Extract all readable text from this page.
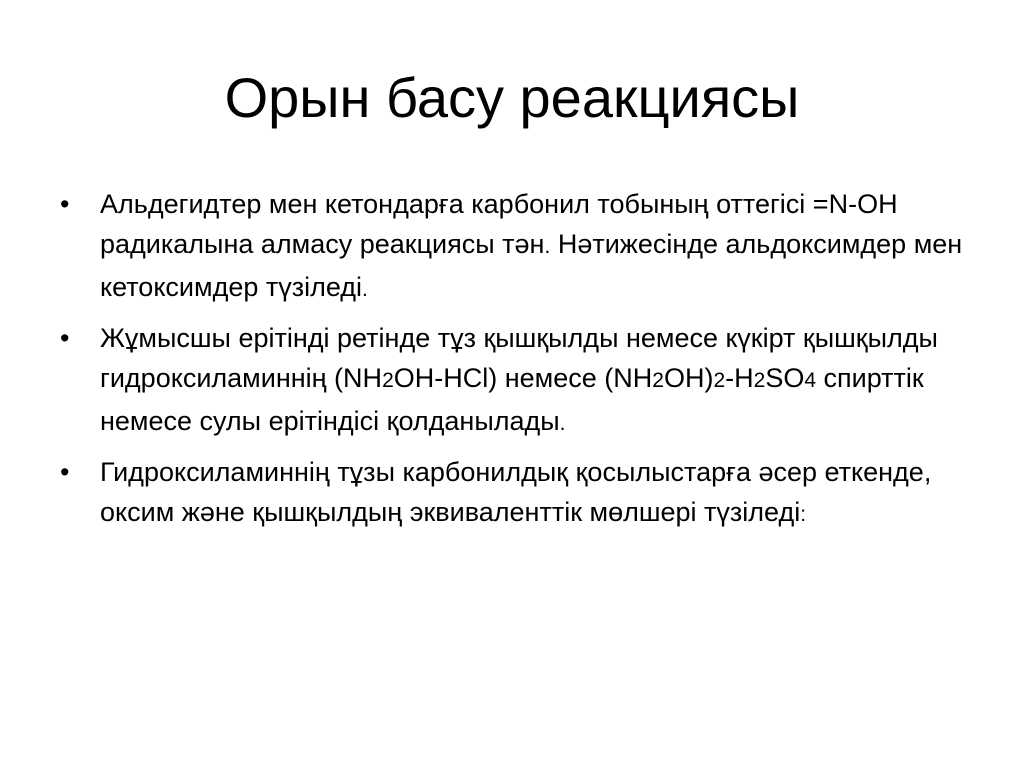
Орын басу реакциясы
•	Альдегидтер мен кетондарға карбонил тобының оттегісі =N-OH радикалына алмасу реакциясы тән. Нәтижесінде альдоксимдер мен кетоксимдер түзіледі.
•	Жұмысшы ерітінді ретінде тұз қышқылды немесе күкірт қышқылды гидроксиламиннің (NH2OH-HCl) немесе (NH2OH)2-H2SO4 спирттік немесе сулы ерітіндісі қолданылады.
•	Гидроксиламиннің тұзы карбонилдық қосылыстарға әсер еткенде, оксим және қышқылдың эквиваленттік мөлшері түзіледі:
